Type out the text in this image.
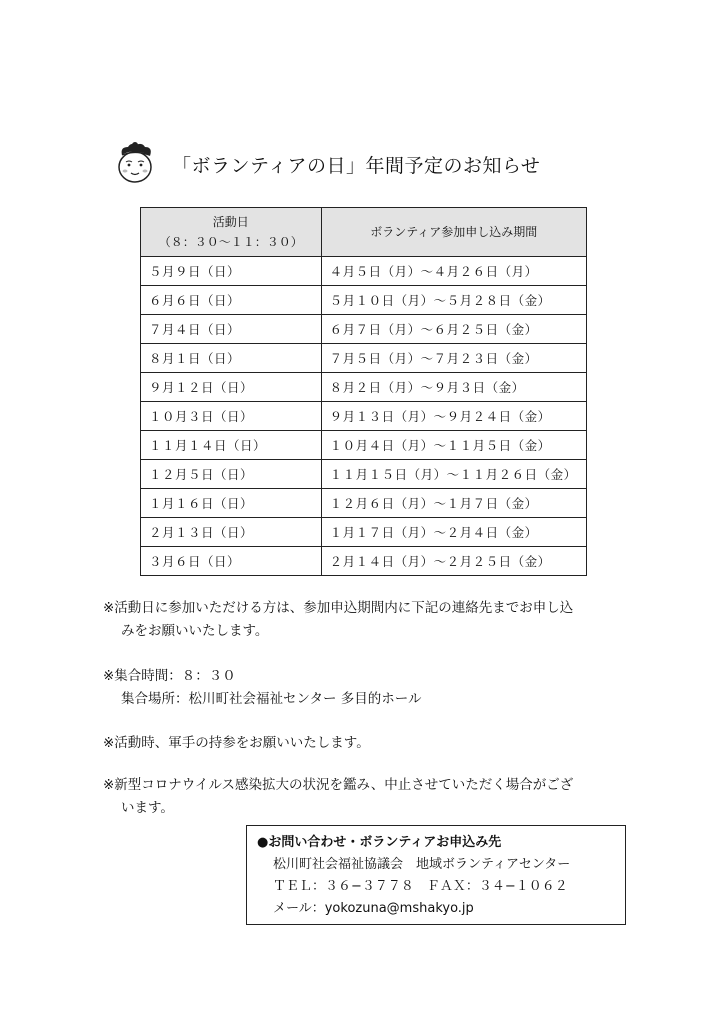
「ボランティアの日」年間予定のお知らせ
活動日
（８：３０〜１１：３０）	ボランティア参加申し込み期間
５月９日（日）	４月５日（月）〜４月２６日（月）
６月６日（日）	５月１０日（月）〜５月２８日（金）
７月４日（日）	６月７日（月）〜６月２５日（金）
８月１日（日）	７月５日（月）〜７月２３日（金）
９月１２日（日）	８月２日（月）〜９月３日（金）
１０月３日（日）	９月１３日（月）〜９月２４日（金）
１１月１４日（日）	１０月４日（月）〜１１月５日（金）
１２月５日（日）	１１月１５日（月）〜１１月２６日（金）
１月１６日（日）	１２月６日（月）〜１月７日（金）
２月１３日（日）	１月１７日（月）〜２月４日（金）
３月６日（日）	２月１４日（月）〜２月２５日（金）
※活動日に参加いただける方は、参加申込期間内に下記の連絡先までお申し込
みをお願いいたします。
※集合時間：８：３０
集合場所：松川町社会福祉センター 多目的ホール
※活動時、軍手の持参をお願いいたします。
※新型コロナウイルス感染拡大の状況を鑑み、中止させていただく場合がござ
います。
●お問い合わせ・ボランティアお申込み先
松川町社会福祉協議会　地域ボランティアセンター
ＴＥＬ：３６−３７７８　ＦＡＸ：３４−１０６２
メール：yokozuna@mshakyo.jp
